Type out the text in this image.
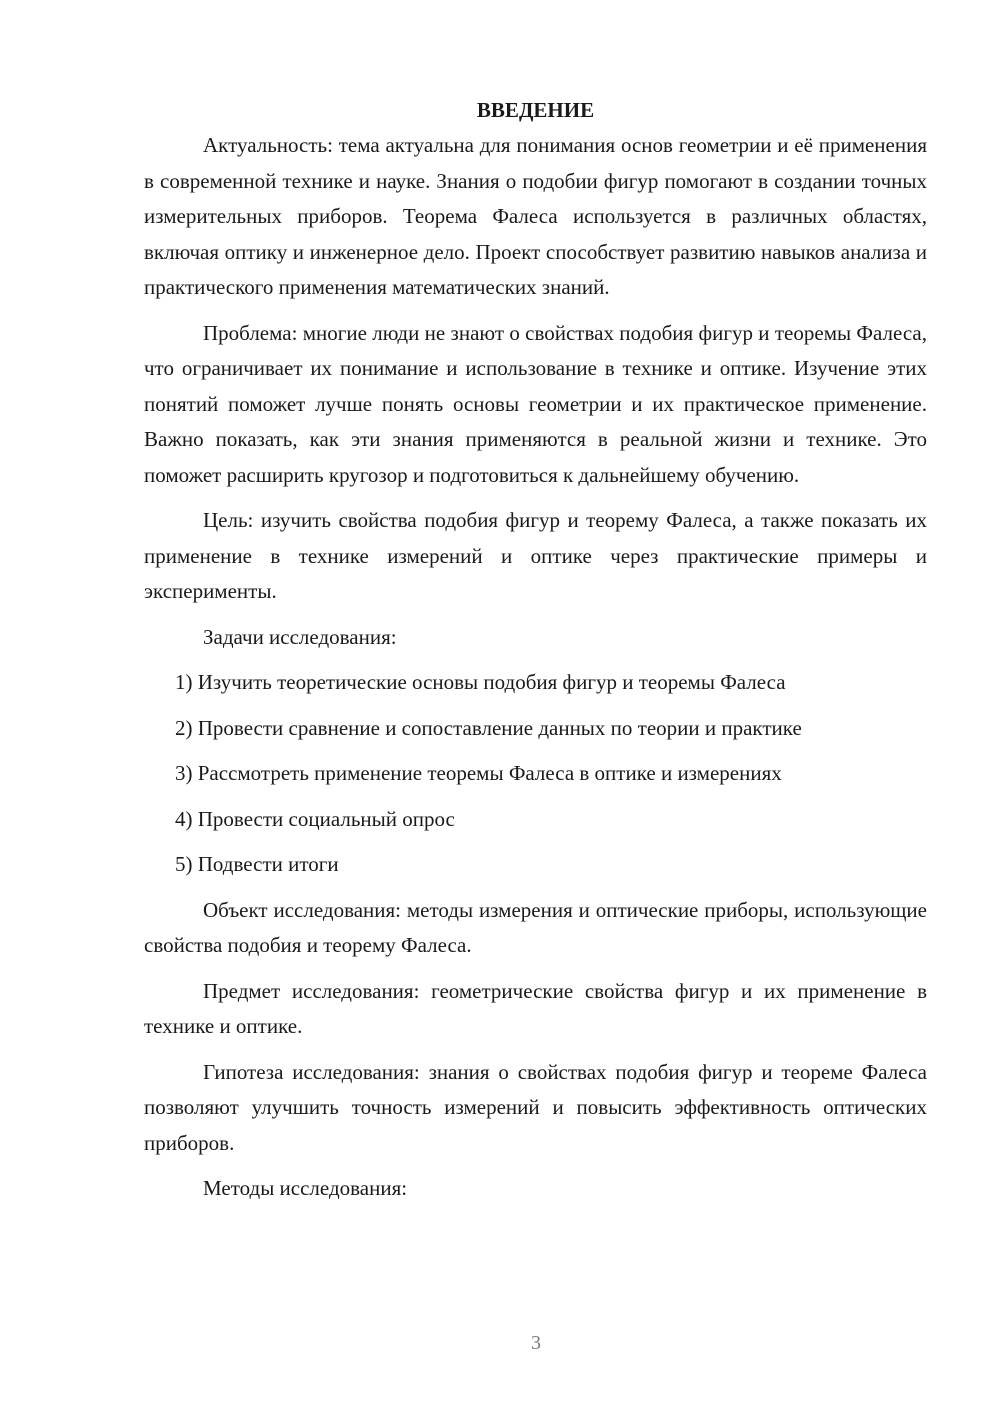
ВВЕДЕНИЕ

Актуальность: тема актуальна для понимания основ геометрии и её применения в современной технике и науке. Знания о подобии фигур помогают в создании точных измерительных приборов. Теорема Фалеса используется в различных областях, включая оптику и инженерное дело. Проект способствует развитию навыков анализа и практического применения математических знаний.

Проблема: многие люди не знают о свойствах подобия фигур и теоремы Фалеса, что ограничивает их понимание и использование в технике и оптике. Изучение этих понятий поможет лучше понять основы геометрии и их практическое применение. Важно показать, как эти знания применяются в реальной жизни и технике. Это поможет расширить кругозор и подготовиться к дальнейшему обучению.

Цель: изучить свойства подобия фигур и теорему Фалеса, а также показать их применение в технике измерений и оптике через практические примеры и эксперименты.

Задачи исследования:

1) Изучить теоретические основы подобия фигур и теоремы Фалеса

2) Провести сравнение и сопоставление данных по теории и практике

3) Рассмотреть применение теоремы Фалеса в оптике и измерениях

4) Провести социальный опрос

5) Подвести итоги

Объект исследования: методы измерения и оптические приборы, использующие свойства подобия и теорему Фалеса.

Предмет исследования: геометрические свойства фигур и их применение в технике и оптике.

Гипотеза исследования: знания о свойствах подобия фигур и теореме Фалеса позволяют улучшить точность измерений и повысить эффективность оптических приборов.

Методы исследования:

3
